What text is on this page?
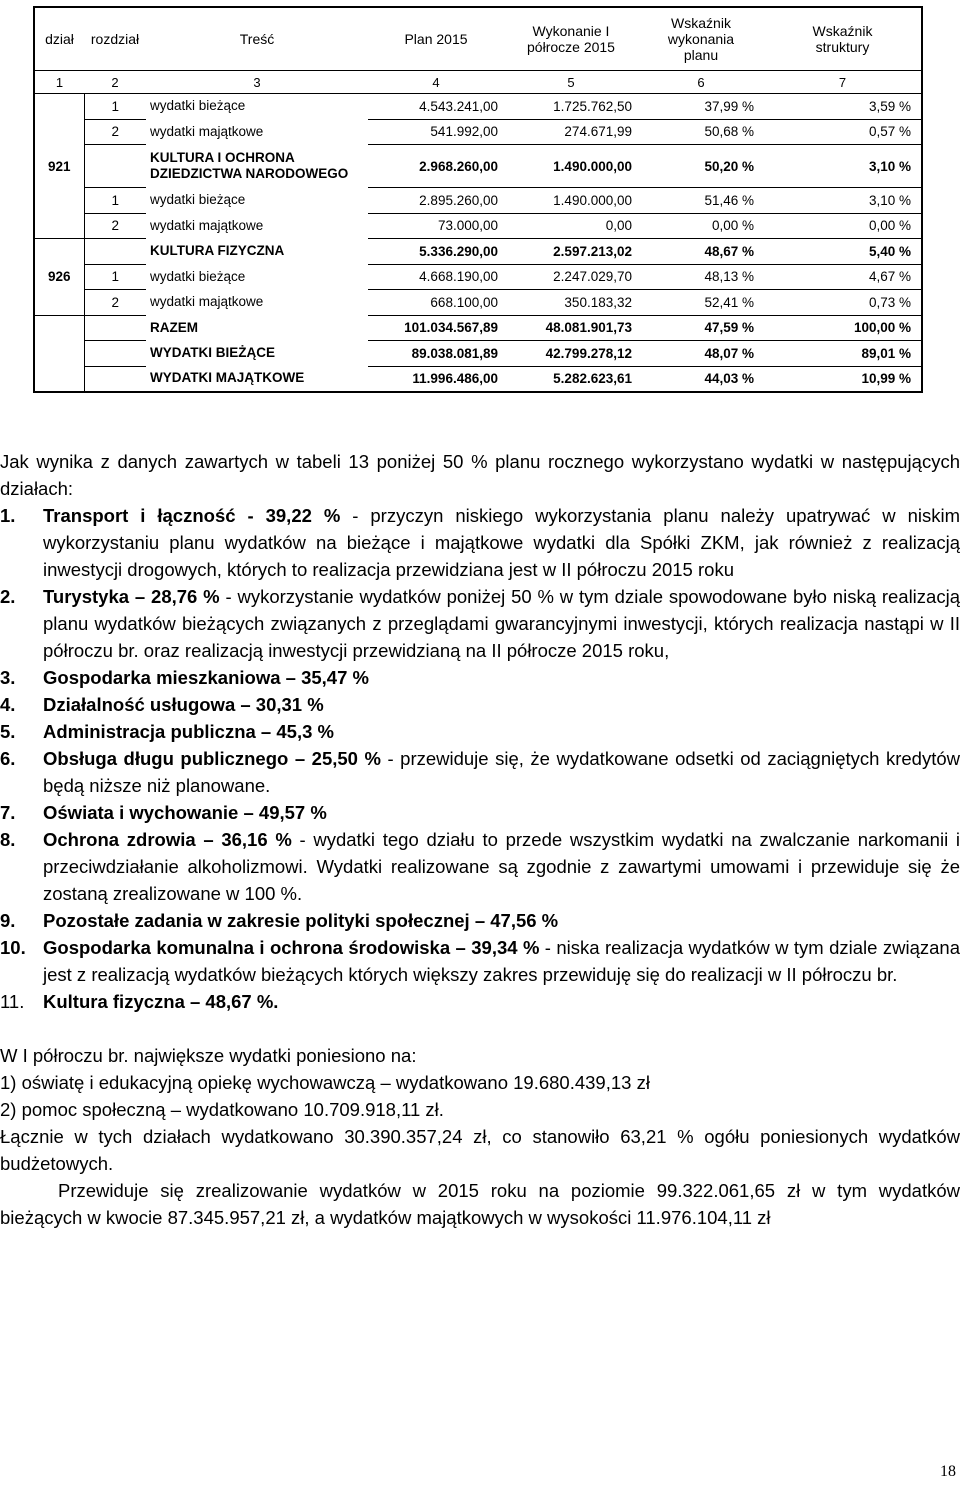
dział	rozdział	Treść	Plan 2015	Wykonanie I półrocze 2015	Wskaźnik wykonania planu	Wskaźnik struktury
1	2	3	4	5	6	7
921	1	wydatki bieżące	4.543.241,00	1.725.762,50	37,99 %	3,59 %
	2	wydatki majątkowe	541.992,00	274.671,99	50,68 %	0,57 %
		KULTURA I OCHRONA DZIEDZICTWA NARODOWEGO	2.968.260,00	1.490.000,00	50,20 %	3,10 %
	1	wydatki bieżące	2.895.260,00	1.490.000,00	51,46 %	3,10 %
	2	wydatki majątkowe	73.000,00	0,00	0,00 %	0,00 %
926		KULTURA FIZYCZNA	5.336.290,00	2.597.213,02	48,67 %	5,40 %
	1	wydatki bieżące	4.668.190,00	2.247.029,70	48,13 %	4,67 %
	2	wydatki majątkowe	668.100,00	350.183,32	52,41 %	0,73 %
		RAZEM	101.034.567,89	48.081.901,73	47,59 %	100,00 %
		WYDATKI BIEŻĄCE	89.038.081,89	42.799.278,12	48,07 %	89,01 %
		WYDATKI MAJĄTKOWE	11.996.486,00	5.282.623,61	44,03 %	10,99 %

Jak wynika z danych zawartych w tabeli 13 poniżej 50 % planu rocznego wykorzystano wydatki w następujących działach:

1.	Transport i łączność - 39,22 % - przyczyn niskiego wykorzystania planu należy upatrywać w niskim wykorzystaniu planu wydatków na bieżące i majątkowe wydatki dla Spółki ZKM, jak również z realizacją inwestycji drogowych, których to realizacja przewidziana jest w II półroczu 2015 roku
2.	Turystyka – 28,76 % - wykorzystanie wydatków poniżej 50 % w tym dziale spowodowane było niską realizacją planu wydatków bieżących związanych z przeglądami gwarancyjnymi inwestycji, których realizacja nastąpi w II półroczu br. oraz realizacją inwestycji przewidzianą na II półrocze 2015 roku,
3.	Gospodarka mieszkaniowa – 35,47 %
4.	Działalność usługowa – 30,31 %
5.	Administracja publiczna – 45,3 %
6.	Obsługa długu publicznego – 25,50 % - przewiduje się, że wydatkowane odsetki od zaciągniętych kredytów będą niższe niż planowane.
7.	Oświata i wychowanie – 49,57 %
8.	Ochrona zdrowia – 36,16 % - wydatki tego działu to przede wszystkim wydatki na zwalczanie narkomanii i przeciwdziałanie alkoholizmowi. Wydatki realizowane są zgodnie z zawartymi umowami i przewiduje się że zostaną zrealizowane w 100 %.
9.	Pozostałe zadania w zakresie polityki społecznej – 47,56 %
10. Gospodarka komunalna i ochrona środowiska – 39,34 % - niska realizacja wydatków w tym dziale związana jest z realizacją wydatków bieżących których większy zakres przewiduję się do realizacji w II półroczu br.
11.	Kultura fizyczna – 48,67 %.

W I półroczu br. największe wydatki poniesiono na:

1) oświatę i edukacyjną opiekę wychowawczą – wydatkowano 19.680.439,13 zł

2) pomoc społeczną – wydatkowano 10.709.918,11 zł.

Łącznie w tych działach wydatkowano 30.390.357,24 zł, co stanowiło 63,21 % ogółu poniesionych wydatków budżetowych.

Przewiduje się zrealizowanie wydatków w 2015 roku na poziomie 99.322.061,65 zł w tym wydatków bieżących w kwocie 87.345.957,21 zł, a wydatków majątkowych w wysokości 11.976.104,11 zł

18
